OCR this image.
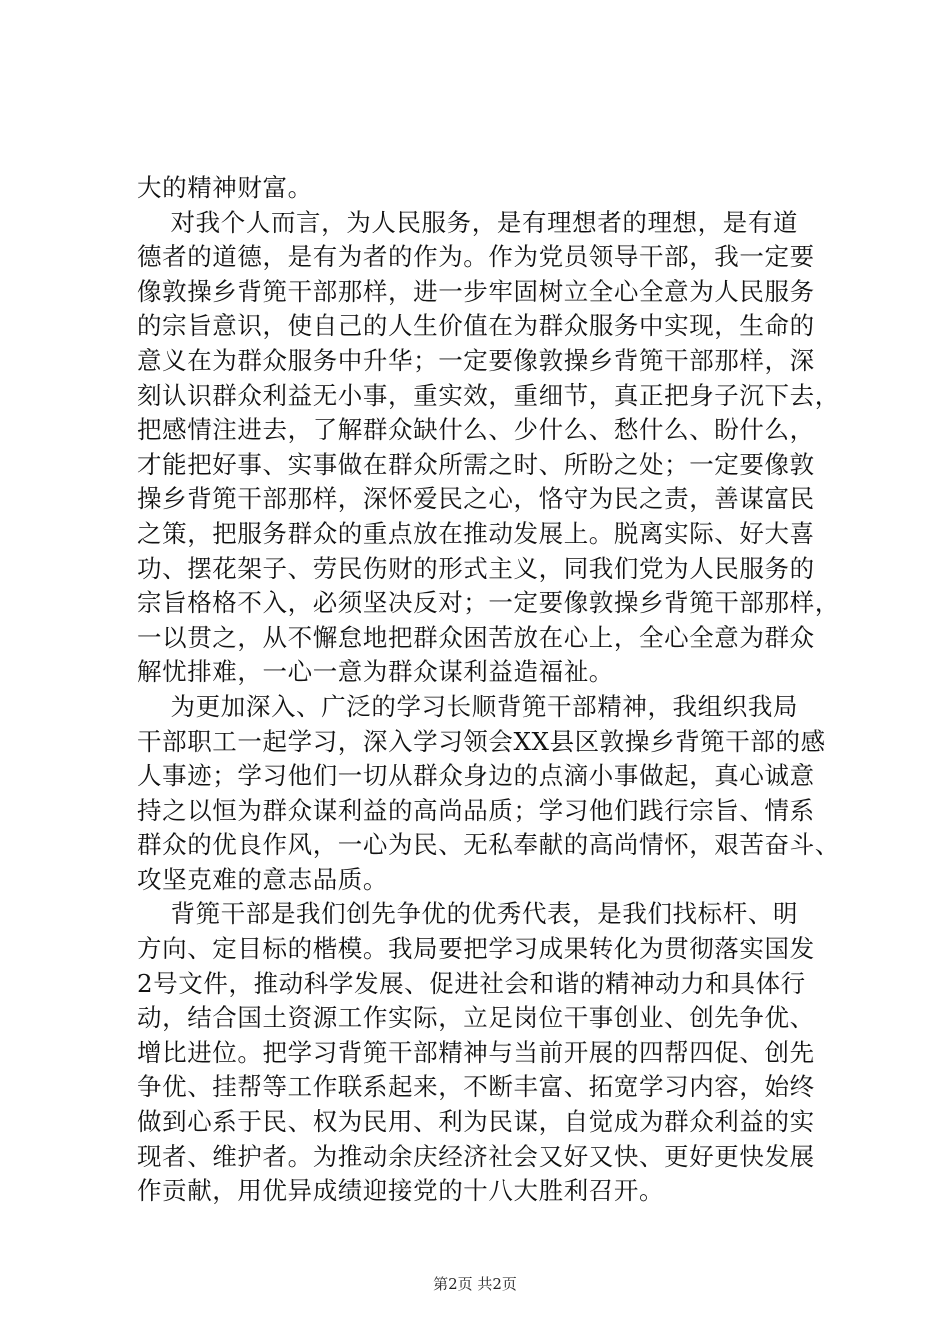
大的精神财富。
对我个人而言，为人民服务，是有理想者的理想，是有道
德者的道德，是有为者的作为。作为党员领导干部，我一定要
像敦操乡背篼干部那样，进一步牢固树立全心全意为人民服务
的宗旨意识，使自己的人生价值在为群众服务中实现，生命的
意义在为群众服务中升华；一定要像敦操乡背篼干部那样，深
刻认识群众利益无小事，重实效，重细节，真正把身子沉下去，
把感情注进去，了解群众缺什么、少什么、愁什么、盼什么，
才能把好事、实事做在群众所需之时、所盼之处；一定要像敦
操乡背篼干部那样，深怀爱民之心，恪守为民之责，善谋富民
之策，把服务群众的重点放在推动发展上。脱离实际、好大喜
功、摆花架子、劳民伤财的形式主义，同我们党为人民服务的
宗旨格格不入，必须坚决反对；一定要像敦操乡背篼干部那样，
一以贯之，从不懈怠地把群众困苦放在心上，全心全意为群众
解忧排难，一心一意为群众谋利益造福祉。
为更加深入、广泛的学习长顺背篼干部精神，我组织我局
干部职工一起学习，深入学习领会XX县区敦操乡背篼干部的感
人事迹；学习他们一切从群众身边的点滴小事做起，真心诚意
持之以恒为群众谋利益的高尚品质；学习他们践行宗旨、情系
群众的优良作风，一心为民、无私奉献的高尚情怀，艰苦奋斗、
攻坚克难的意志品质。
背篼干部是我们创先争优的优秀代表，是我们找标杆、明
方向、定目标的楷模。我局要把学习成果转化为贯彻落实国发
2号文件，推动科学发展、促进社会和谐的精神动力和具体行
动，结合国土资源工作实际，立足岗位干事创业、创先争优、
增比进位。把学习背篼干部精神与当前开展的四帮四促、创先
争优、挂帮等工作联系起来，不断丰富、拓宽学习内容，始终
做到心系于民、权为民用、利为民谋，自觉成为群众利益的实
现者、维护者。为推动余庆经济社会又好又快、更好更快发展
作贡献，用优异成绩迎接党的十八大胜利召开。
第2页 共2页
